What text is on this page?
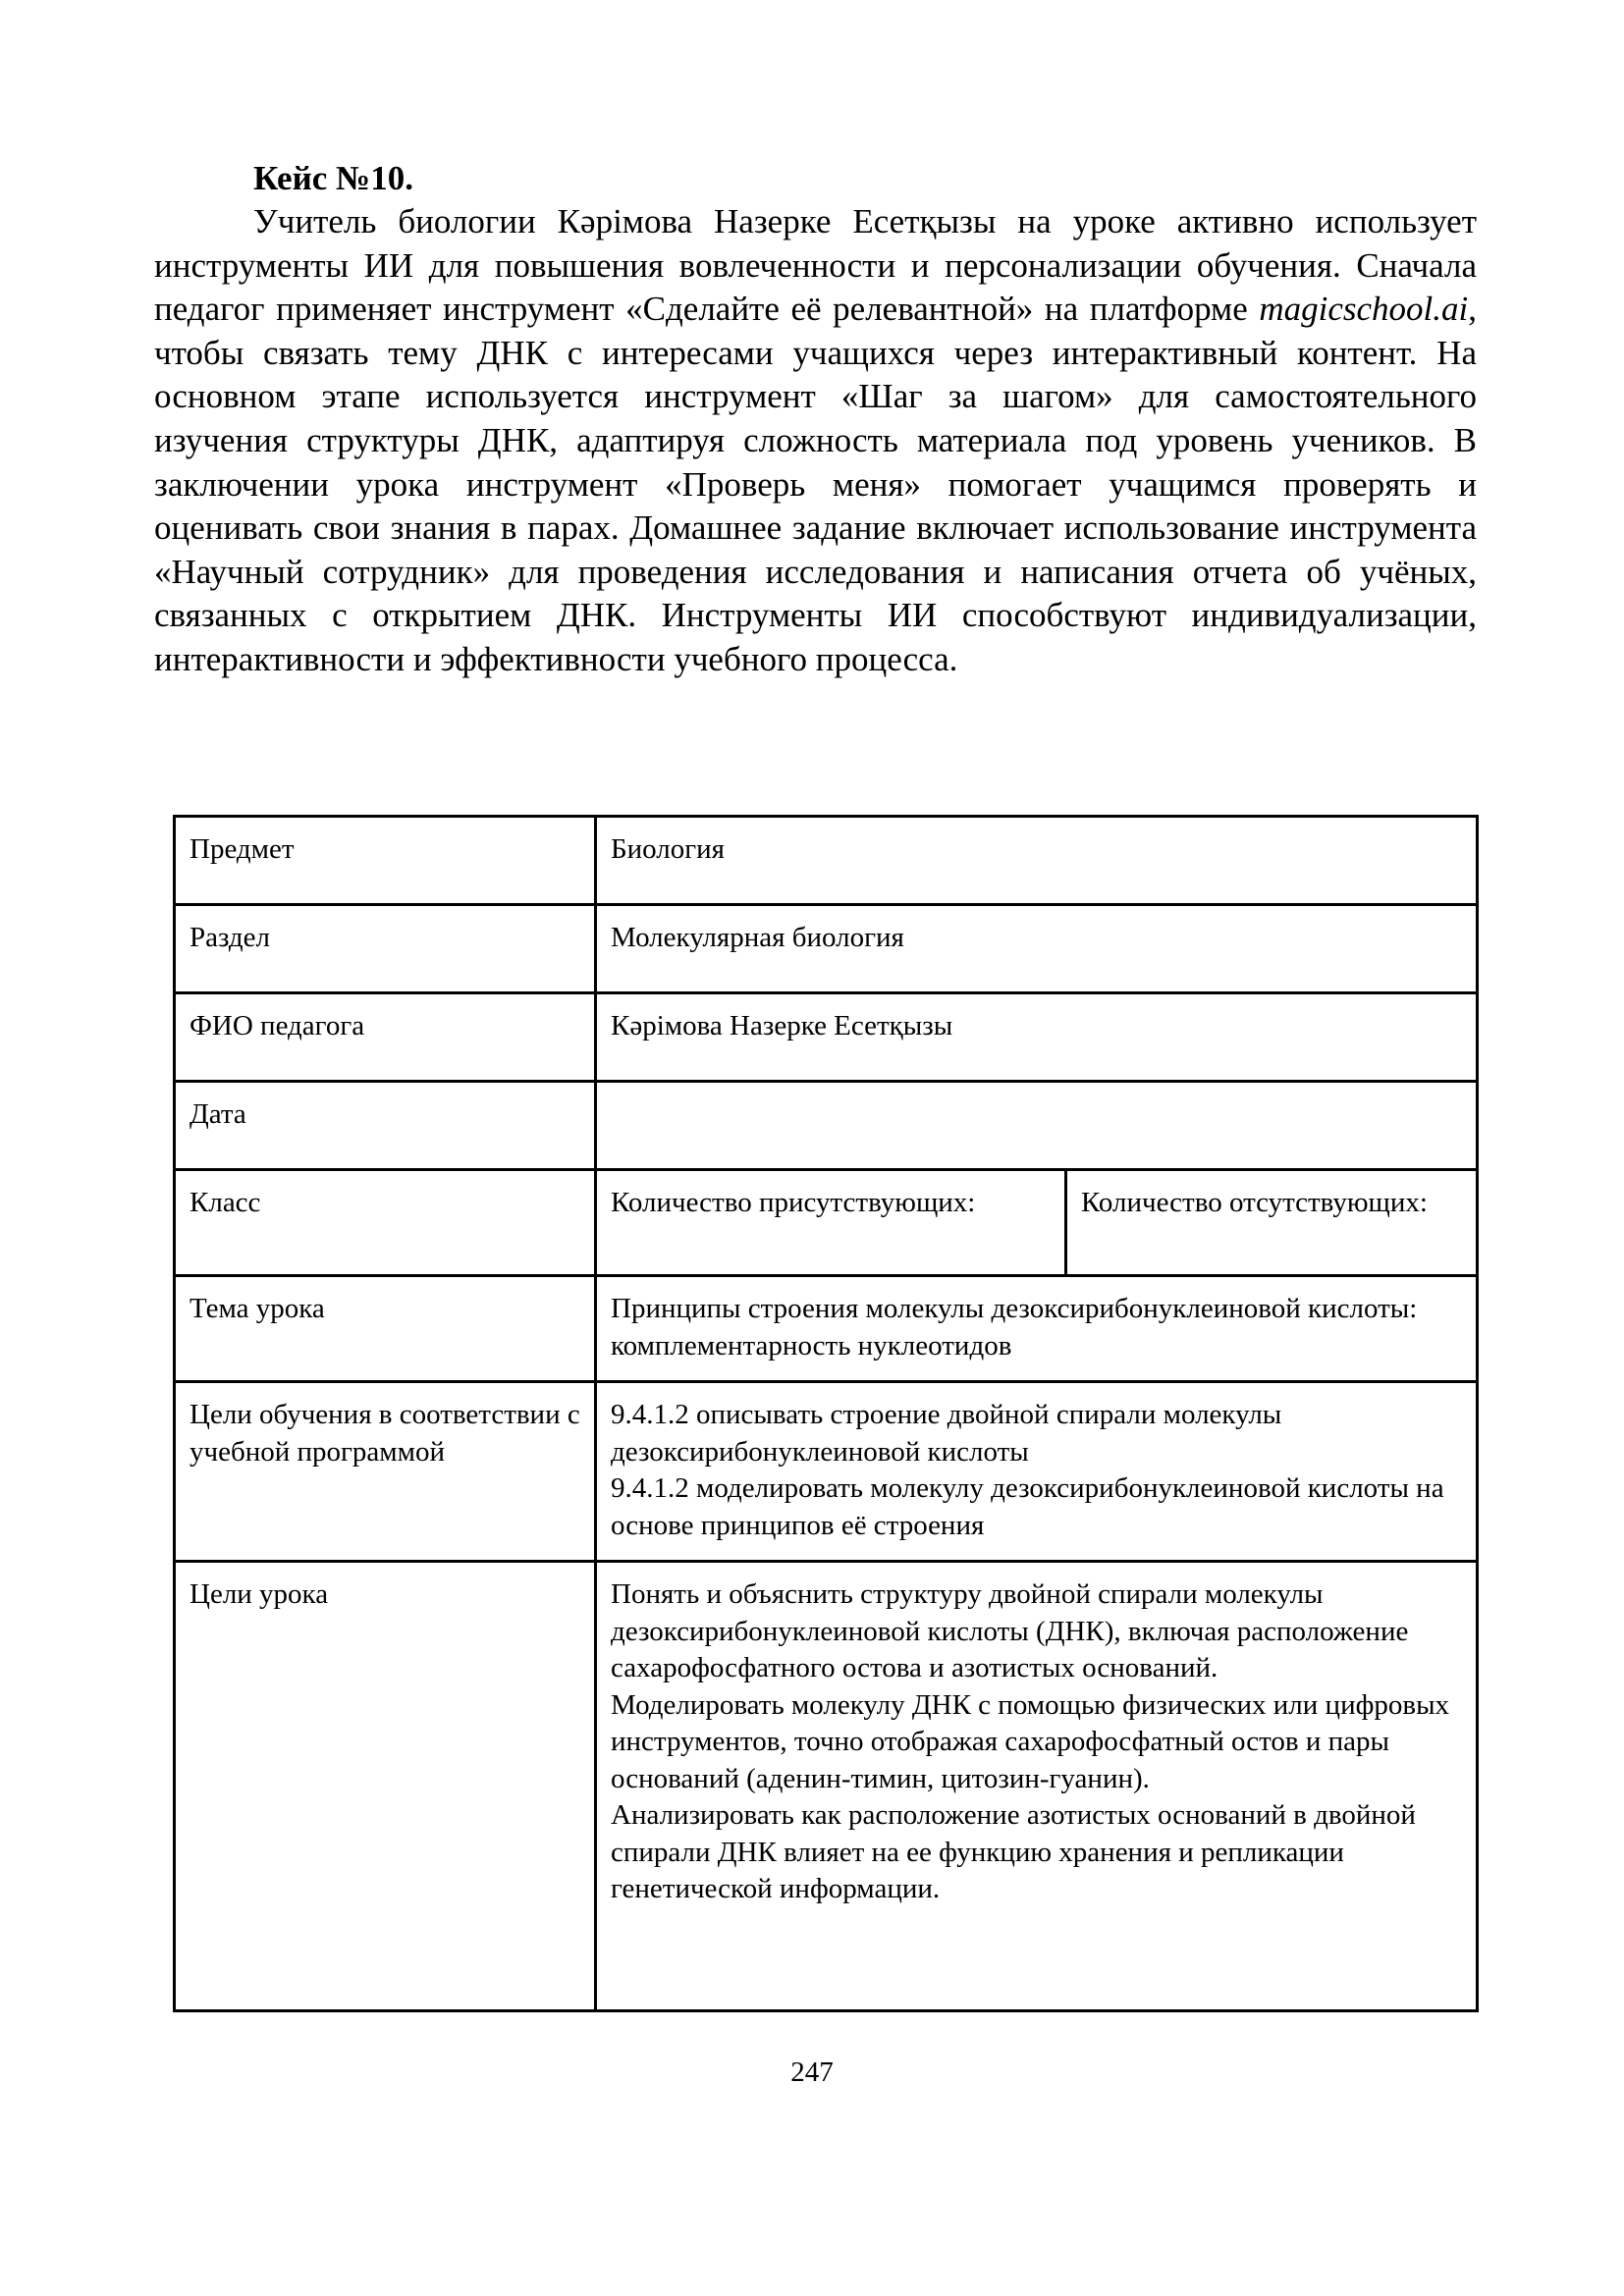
Кейс №10.

Учитель биологии Кәрімова Назерке Есетқызы на уроке активно использует инструменты ИИ для повышения вовлеченности и персонализации обучения. Сначала педагог применяет инструмент «Сделайте её релевантной» на платформе magicschool.ai, чтобы связать тему ДНК с интересами учащихся через интерактивный контент. На основном этапе используется инструмент «Шаг за шагом» для самостоятельного изучения структуры ДНК, адаптируя сложность материала под уровень учеников. В заключении урока инструмент «Проверь меня» помогает учащимся проверять и оценивать свои знания в парах. Домашнее задание включает использование инструмента «Научный сотрудник» для проведения исследования и написания отчета об учёных, связанных с открытием ДНК. Инструменты ИИ способствуют индивидуализации, интерактивности и эффективности учебного процесса.

Предмет	Биология	
Раздел	Молекулярная биология	
ФИО педагога	Кәрімова Назерке Есетқызы	
Дата		
Класс	Количество присутствующих:	Количество отсутствующих:
Тема урока	Принципы строения молекулы дезоксирибонуклеиновой кислоты: комплементарность нуклеотидов	
Цели обучения в соответствии с учебной программой	9.4.1.2 описывать строение двойной спирали молекулы дезоксирибонуклеиновой кислоты
9.4.1.2 моделировать молекулу дезоксирибонуклеиновой кислоты на основе принципов её строения	

Цели урока	Понять и объяснить структуру двойной спирали молекулы дезоксирибонуклеиновой кислоты (ДНК), включая расположение сахарофосфатного остова и азотистых оснований.
Моделировать молекулу ДНК с помощью физических или цифровых инструментов, точно отображая сахарофосфатный остов и пары оснований (аденин-тимин, цитозин-гуанин).
Анализировать как расположение азотистых оснований в двойной спирали ДНК влияет на ее функцию хранения и репликации генетической информации.	
247
